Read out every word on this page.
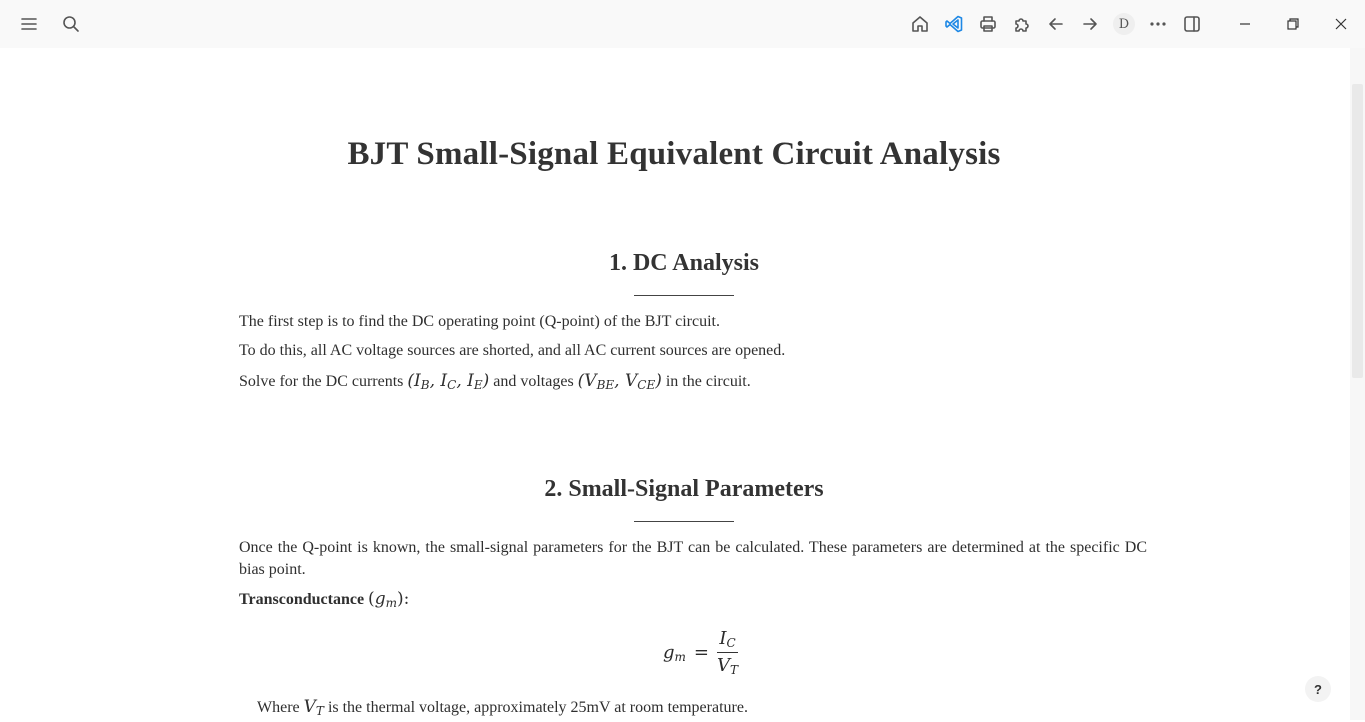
D
BJT Small-Signal Equivalent Circuit Analysis
1. DC Analysis

The first step is to find the DC operating point (Q-point) of the BJT circuit.

To do this, all AC voltage sources are shorted, and all AC current sources are opened.

Solve for the DC currents ($I_B$, $I_C$, $I_E$) and voltages ($V_{BE}$, $V_{CE}$) in the circuit.

2. Small-Signal Parameters

Once the Q-point is known, the small-signal parameters for the BJT can be calculated. These parameters are determined at the specific DC bias point.

Transconductance $(g_m)$:

$g_m = \frac{I_C}{V_T}$

Where $V_T$ is the thermal voltage, approximately 25mV at room temperature.

?
